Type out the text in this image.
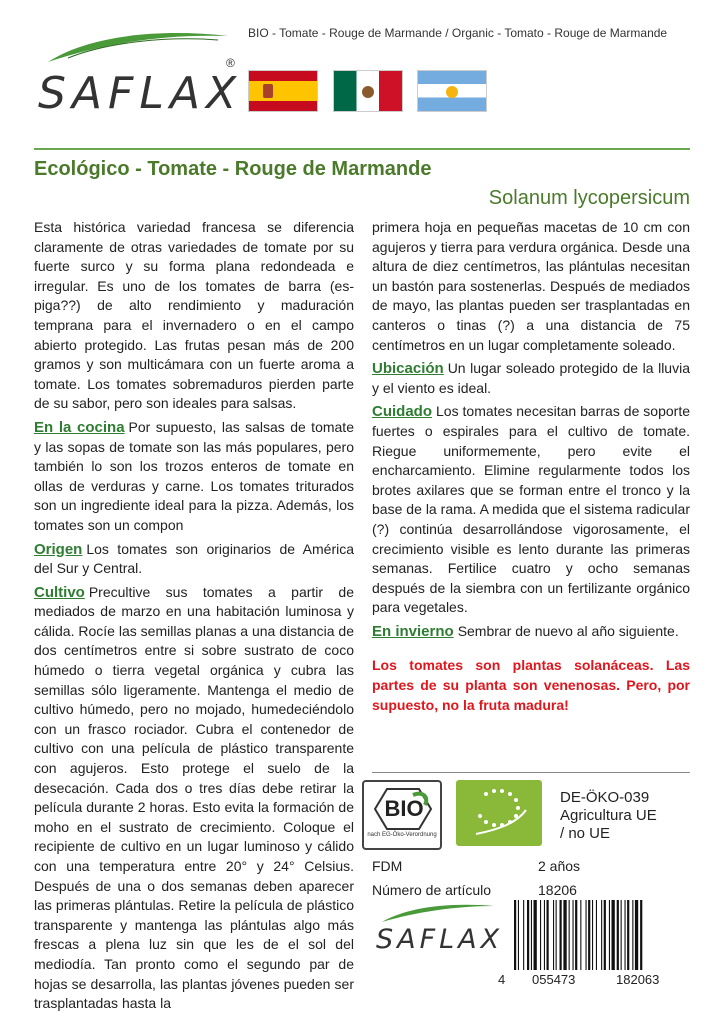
BIO - Tomate - Rouge de Marmande / Organic - Tomato - Rouge de Marmande
SAFLAX
®
Ecológico - Tomate - Rouge de Marmande
Solanum lycopersicum

Esta histórica variedad francesa se diferencia claramente de otras variedades de tomate por su fuerte surco y su forma plana redondeada e irregular. Es uno de los tomates de barra (espiga??) de alto rendimiento y maduración temprana para el invernadero o en el campo abierto protegido. Las frutas pesan más de 200 gramos y son multicámara con un fuerte aroma a tomate. Los tomates sobremaduros pierden parte de su sabor, pero son ideales para salsas.

En la cocina Por supuesto, las salsas de tomate y las sopas de tomate son las más populares, pero también lo son los trozos enteros de tomate en ollas de verduras y carne. Los tomates triturados son un ingrediente ideal para la pizza. Además, los tomates son un compon

Origen Los tomates son originarios de América del Sur y Central.

Cultivo Precultive sus tomates a partir de mediados de marzo en una habitación luminosa y cálida. Rocíe las semillas planas a una distancia de dos centímetros entre si sobre sustrato de coco húmedo o tierra vegetal orgánica y cubra las semillas sólo ligeramente. Mantenga el medio de cultivo húmedo, pero no mojado, humedeciéndolo con un frasco rociador. Cubra el contenedor de cultivo con una película de plástico transparente con agujeros. Esto protege el suelo de la desecación. Cada dos o tres días debe retirar la película durante 2 horas. Esto evita la formación de moho en el sustrato de crecimiento. Coloque el recipiente de cultivo en un lugar luminoso y cálido con una temperatura entre 20° y 24° Celsius. Después de una o dos semanas deben aparecer las primeras plántulas. Retire la película de plástico transparente y mantenga las plántulas algo más frescas a plena luz sin que les de el sol del mediodía. Tan pronto como el segundo par de hojas se desarrolla, las plantas jóvenes pueden ser trasplantadas hasta la

primera hoja en pequeñas macetas de 10 cm con agujeros y tierra para verdura orgánica. Desde una altura de diez centímetros, las plántulas necesitan un bastón para sostenerlas. Después de mediados de mayo, las plantas pueden ser trasplantadas en canteros o tinas (?) a una distancia de 75 centímetros en un lugar completamente soleado.

Ubicación Un lugar soleado protegido de la lluvia y el viento es ideal.

Cuidado Los tomates necesitan barras de soporte fuertes o espirales para el cultivo de tomate. Riegue uniformemente, pero evite el encharcamiento. Elimine regularmente todos los brotes axilares que se forman entre el tronco y la base de la rama. A medida que el sistema radicular (?) continúa desarrollándose vigorosamente, el crecimiento visible es lento durante las primeras semanas. Fertilice cuatro y ocho semanas después de la siembra con un fertilizante orgánico para vegetales.

En invierno Sembrar de nuevo al año siguiente.

Los tomates son plantas solanáceas. Las partes de su planta son venenosas. Pero, por supuesto, no la fruta madura!

BIO
nach EG-Öko-Verordnung
DE-ÖKO-039
Agricultura UE
/ no UE
FDM	2 años
Número de artículo	18206
SAFLAX
4 055473	182063
